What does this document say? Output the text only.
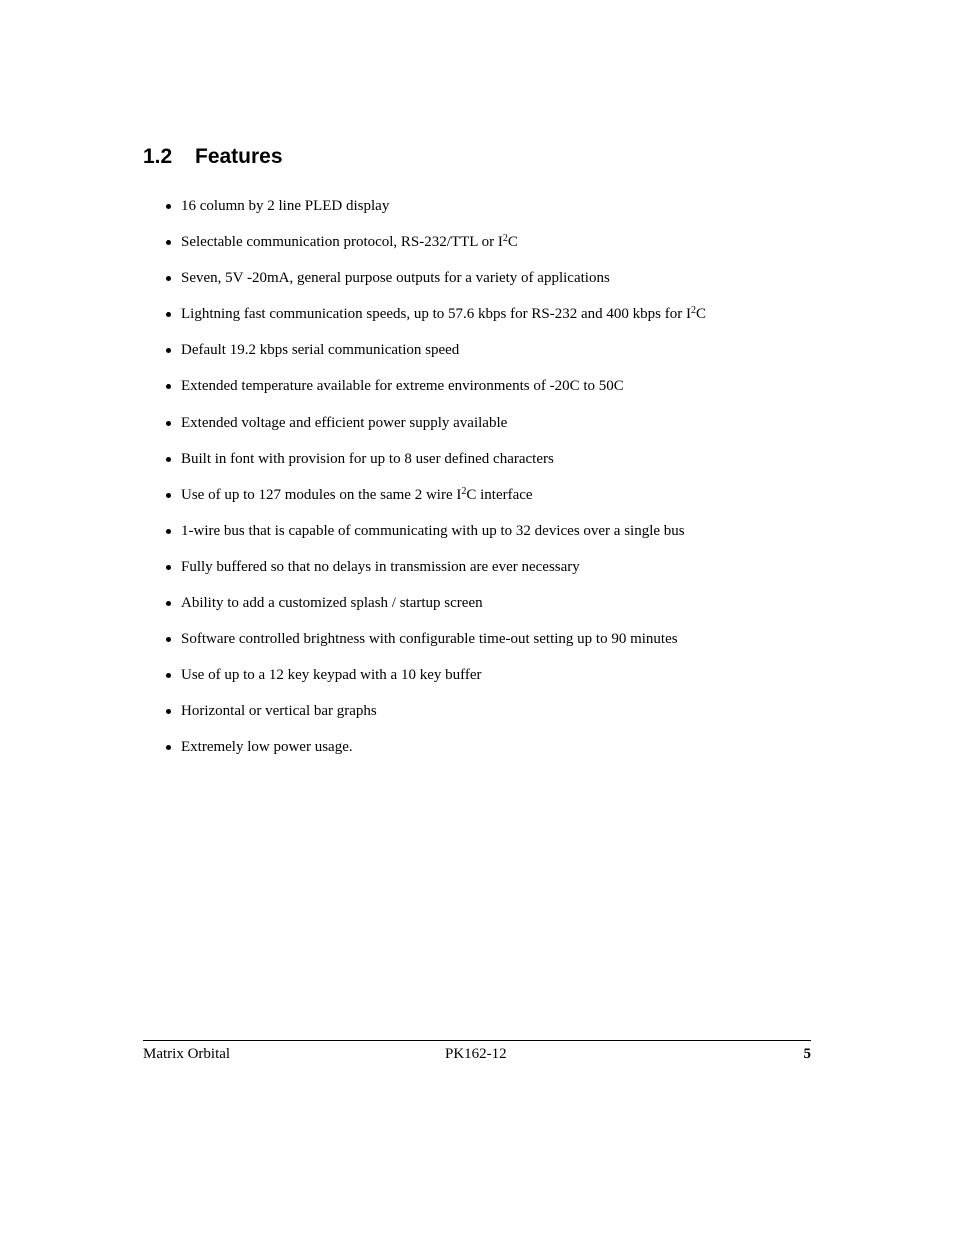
1.2 Features
16 column by 2 line PLED display
Selectable communication protocol, RS-232/TTL or $I^2C$
Seven, 5V -20mA, general purpose outputs for a variety of applications
Lightning fast communication speeds, up to 57.6 kbps for RS-232 and 400 kbps for $I^2C$
Default 19.2 kbps serial communication speed
Extended temperature available for extreme environments of -20C to 50C
Extended voltage and efficient power supply available
Built in font with provision for up to 8 user defined characters
Use of up to 127 modules on the same 2 wire $I^2C$ interface
1-wire bus that is capable of communicating with up to 32 devices over a single bus
Fully buffered so that no delays in transmission are ever necessary
Ability to add a customized splash / startup screen
Software controlled brightness with configurable time-out setting up to 90 minutes
Use of up to a 12 key keypad with a 10 key buffer
Horizontal or vertical bar graphs
Extremely low power usage.
Matrix Orbital	PK162-12	5
